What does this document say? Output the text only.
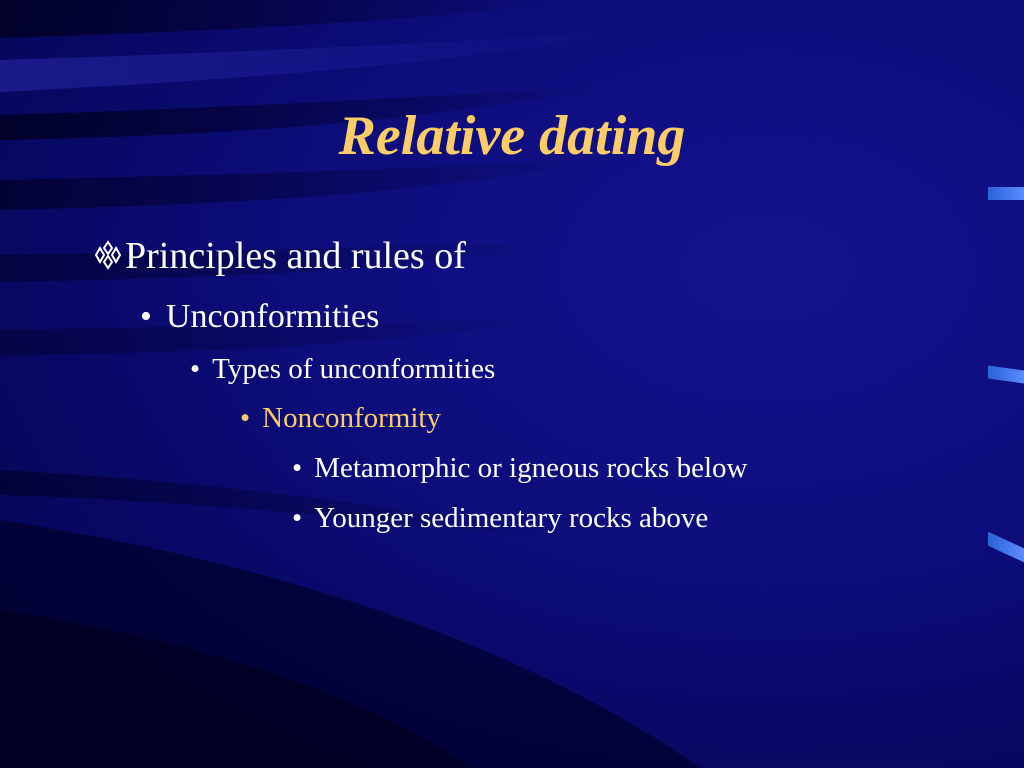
Relative dating
Principles and rules of
• Unconformities
• Types of unconformities
• Nonconformity
• Metamorphic or igneous rocks below
• Younger sedimentary rocks above
